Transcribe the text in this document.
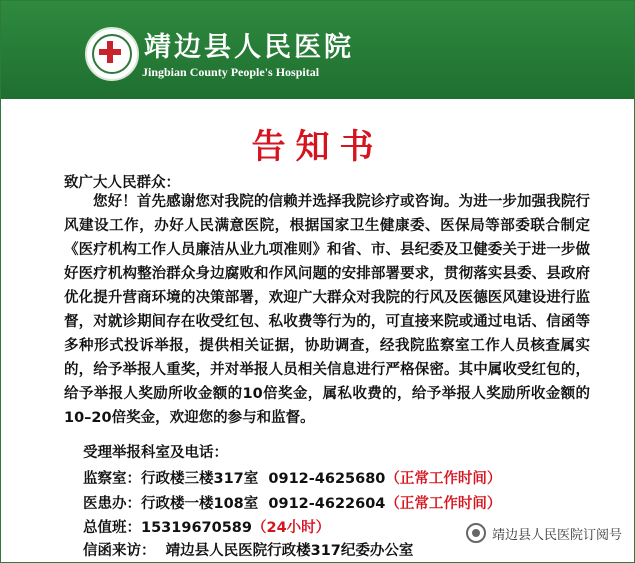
靖边县人民医院
Jingbian County People's Hospital
告知书
致广大人民群众：

您好！首先感谢您对我院的信赖并选择我院诊疗或咨询。为进一步加强我院行风建设工作，办好人民满意医院，根据国家卫生健康委、医保局等部委联合制定《医疗机构工作人员廉洁从业九项准则》和省、市、县纪委及卫健委关于进一步做好医疗机构整治群众身边腐败和作风问题的安排部署要求，贯彻落实县委、县政府优化提升营商环境的决策部署，欢迎广大群众对我院的行风及医德医风建设进行监督，对就诊期间存在收受红包、私收费等行为的，可直接来院或通过电话、信函等多种形式投诉举报，提供相关证据，协助调查，经我院监察室工作人员核查属实的，给予举报人重奖，并对举报人员相关信息进行严格保密。其中属收受红包的，给予举报人奖励所收金额的10倍奖金，属私收费的，给予举报人奖励所收金额的10–20倍奖金，欢迎您的参与和监督。

受理举报科室及电话：
监察室：行政楼三楼317室 0912-4625680（正常工作时间）
医患办：行政楼一楼108室 0912-4622604（正常工作时间）
总值班：15319670589（24小时）
信函来访： 靖边县人民医院行政楼317纪委办公室
靖边县人民医院订阅号
